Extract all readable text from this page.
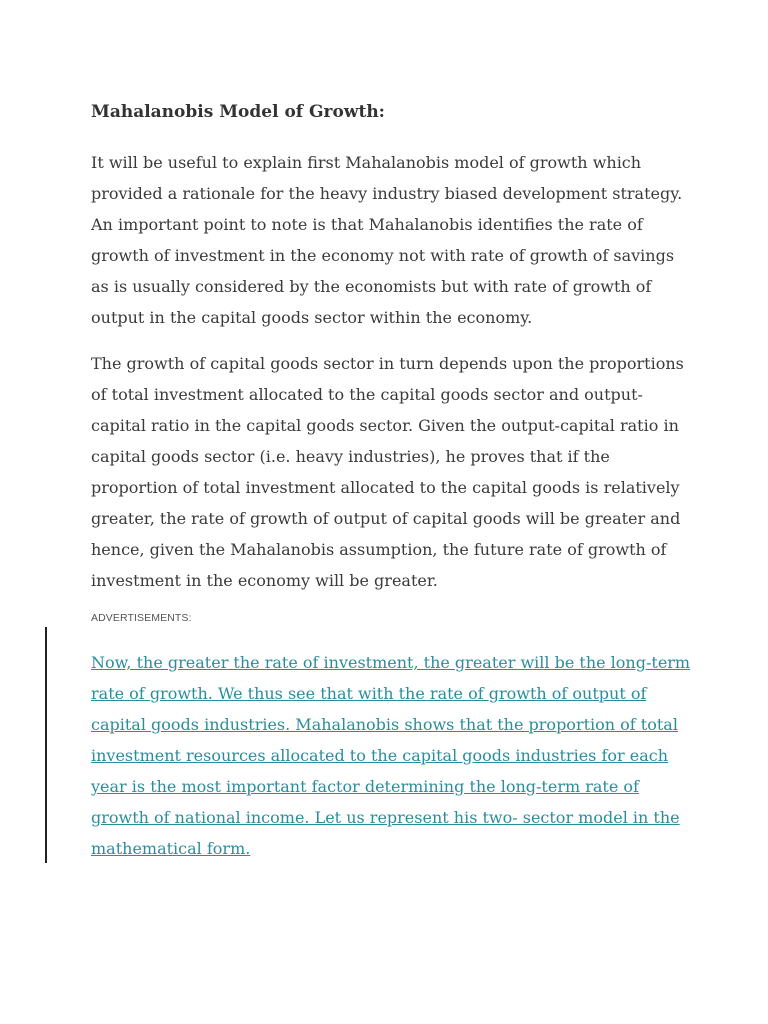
Mahalanobis Model of Growth:

It will be useful to explain first Mahalanobis model of growth which provided a rationale for the heavy industry biased development strategy. An important point to note is that Mahalanobis identifies the rate of growth of investment in the economy not with rate of growth of savings as is usually considered by the economists but with rate of growth of output in the capital goods sector within the economy.

The growth of capital goods sector in turn depends upon the proportions of total investment allocated to the capital goods sector and output-capital ratio in the capital goods sector. Given the output-capital ratio in capital goods sector (i.e. heavy industries), he proves that if the proportion of total investment allocated to the capital goods is relatively greater, the rate of growth of output of capital goods will be greater and hence, given the Mahalanobis assumption, the future rate of growth of investment in the economy will be greater.

ADVERTISEMENTS:
Now, the greater the rate of investment, the greater will be the long-term rate of growth. We thus see that with the rate of growth of output of capital goods industries. Mahalanobis shows that the proportion of total investment resources allocated to the capital goods industries for each year is the most important factor determining the long-term rate of growth of national income. Let us represent his two- sector model in the mathematical form.
